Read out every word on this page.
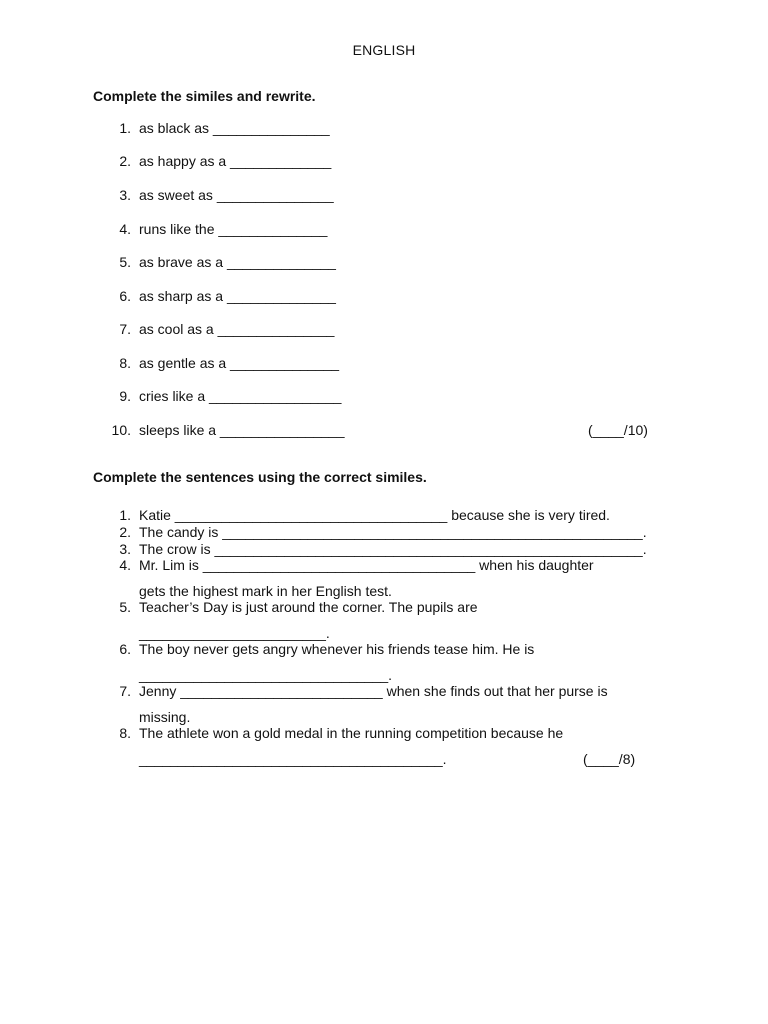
ENGLISH
Complete the similes and rewrite.
1. as black as _______________
2. as happy as a _____________
3. as sweet as _______________
4. runs like the ______________
5. as brave as a ______________
6. as sharp as a ______________
7. as cool as a _______________
8. as gentle as a ______________
9. cries like a _________________
10. sleeps like a ________________	(____/10)
Complete the sentences using the correct similes.
1. Katie ___________________________________ because she is very tired.
2. The candy is ______________________________________________________.
3. The crow is _______________________________________________________.
4. Mr. Lim is ___________________________________ when his daughter
gets the highest mark in her English test.
5. Teacher’s Day is just around the corner. The pupils are
________________________.
6. The boy never gets angry whenever his friends tease him. He is
________________________________.
7. Jenny __________________________ when she finds out that her purse is
missing.
8. The athlete won a gold medal in the running competition because he
_______________________________________.	(____/8)
